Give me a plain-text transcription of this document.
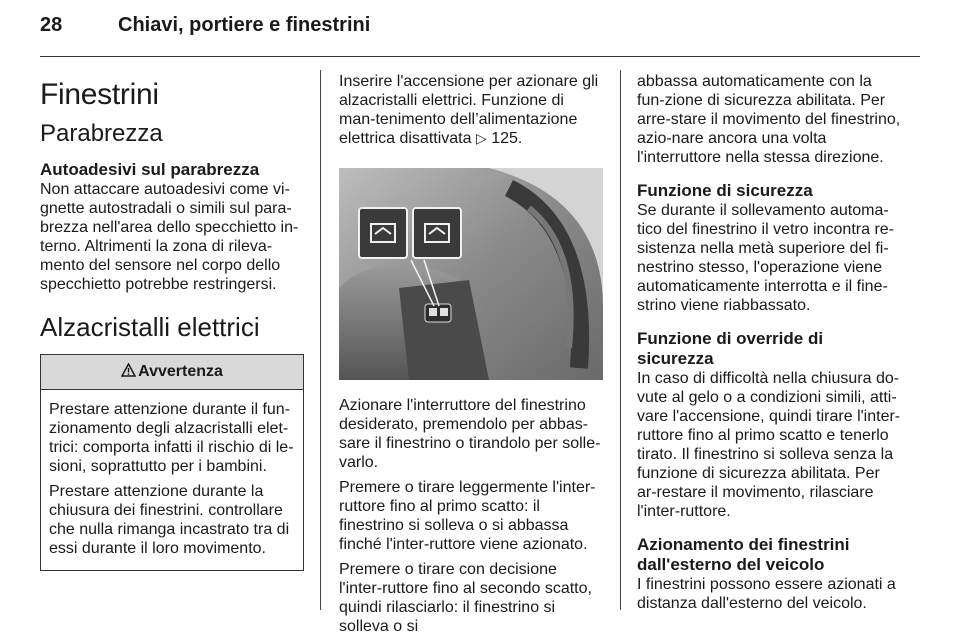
28	Chiavi, portiere e finestrini
Finestrini
Parabrezza
Autoadesivi sul parabrezza

Non attaccare autoadesivi come vi-gnette autostradali o simili sul para-brezza nell'area dello specchietto in-terno. Altrimenti la zona di rileva-mento del sensore nel corpo dello specchietto potrebbe restringersi.

Alzacristalli elettrici
Avvertenza

Prestare attenzione durante il fun-zionamento degli alzacristalli elet-trici: comporta infatti il rischio di le-sioni, soprattutto per i bambini.

Prestare attenzione durante la chiusura dei finestrini. controllare che nulla rimanga incastrato tra di essi durante il loro movimento.

Inserire l'accensione per azionare gli alzacristalli elettrici. Funzione di man-tenimento dell’alimentazione elettrica disattivata ▷ 125.

Azionare l'interruttore del finestrino desiderato, premendolo per abbas-sare il finestrino o tirandolo per solle-varlo.

Premere o tirare leggermente l'inter-ruttore fino al primo scatto: il finestrino si solleva o si abbassa finché l'inter-ruttore viene azionato.

Premere o tirare con decisione l'inter-ruttore fino al secondo scatto, quindi rilasciarlo: il finestrino si solleva o si

abbassa automaticamente con la fun-zione di sicurezza abilitata. Per arre-stare il movimento del finestrino, azio-nare ancora una volta l'interruttore nella stessa direzione.

Funzione di sicurezza

Se durante il sollevamento automa-tico del finestrino il vetro incontra re-sistenza nella metà superiore del fi-nestrino stesso, l'operazione viene automaticamente interrotta e il fine-strino viene riabbassato.

Funzione di override di sicurezza

In caso di difficoltà nella chiusura do-vute al gelo o a condizioni simili, atti-vare l'accensione, quindi tirare l'inter-ruttore fino al primo scatto e tenerlo tirato. Il finestrino si solleva senza la funzione di sicurezza abilitata. Per ar-restare il movimento, rilasciare l'inter-ruttore.

Azionamento dei finestrini dall'esterno del veicolo

I finestrini possono essere azionati a distanza dall'esterno del veicolo.
